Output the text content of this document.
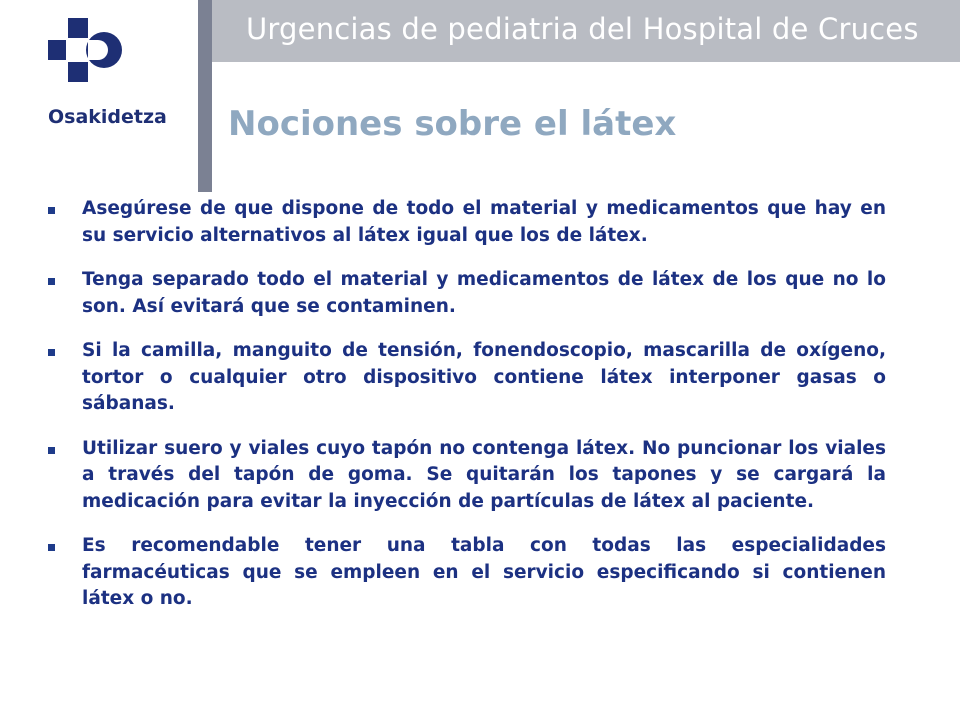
Urgencias de pediatria del Hospital de Cruces
Osakidetza Nociones sobre el látex
Asegúrese de que dispone de todo el material y medicamentos que hay en su servicio alternativos al látex igual que los de látex.
Tenga separado todo el material y medicamentos de látex de los que no lo son. Así evitará que se contaminen.
Si la camilla, manguito de tensión, fonendoscopio, mascarilla de oxígeno, tortor o cualquier otro dispositivo contiene látex interponer gasas o sábanas.
Utilizar suero y viales cuyo tapón no contenga látex. No puncionar los viales a través del tapón de goma. Se quitarán los tapones y se cargará la medicación para evitar la inyección de partículas de látex al paciente.
Es recomendable tener una tabla con todas las especialidades farmacéuticas que se empleen en el servicio especificando si contienen látex o no.
